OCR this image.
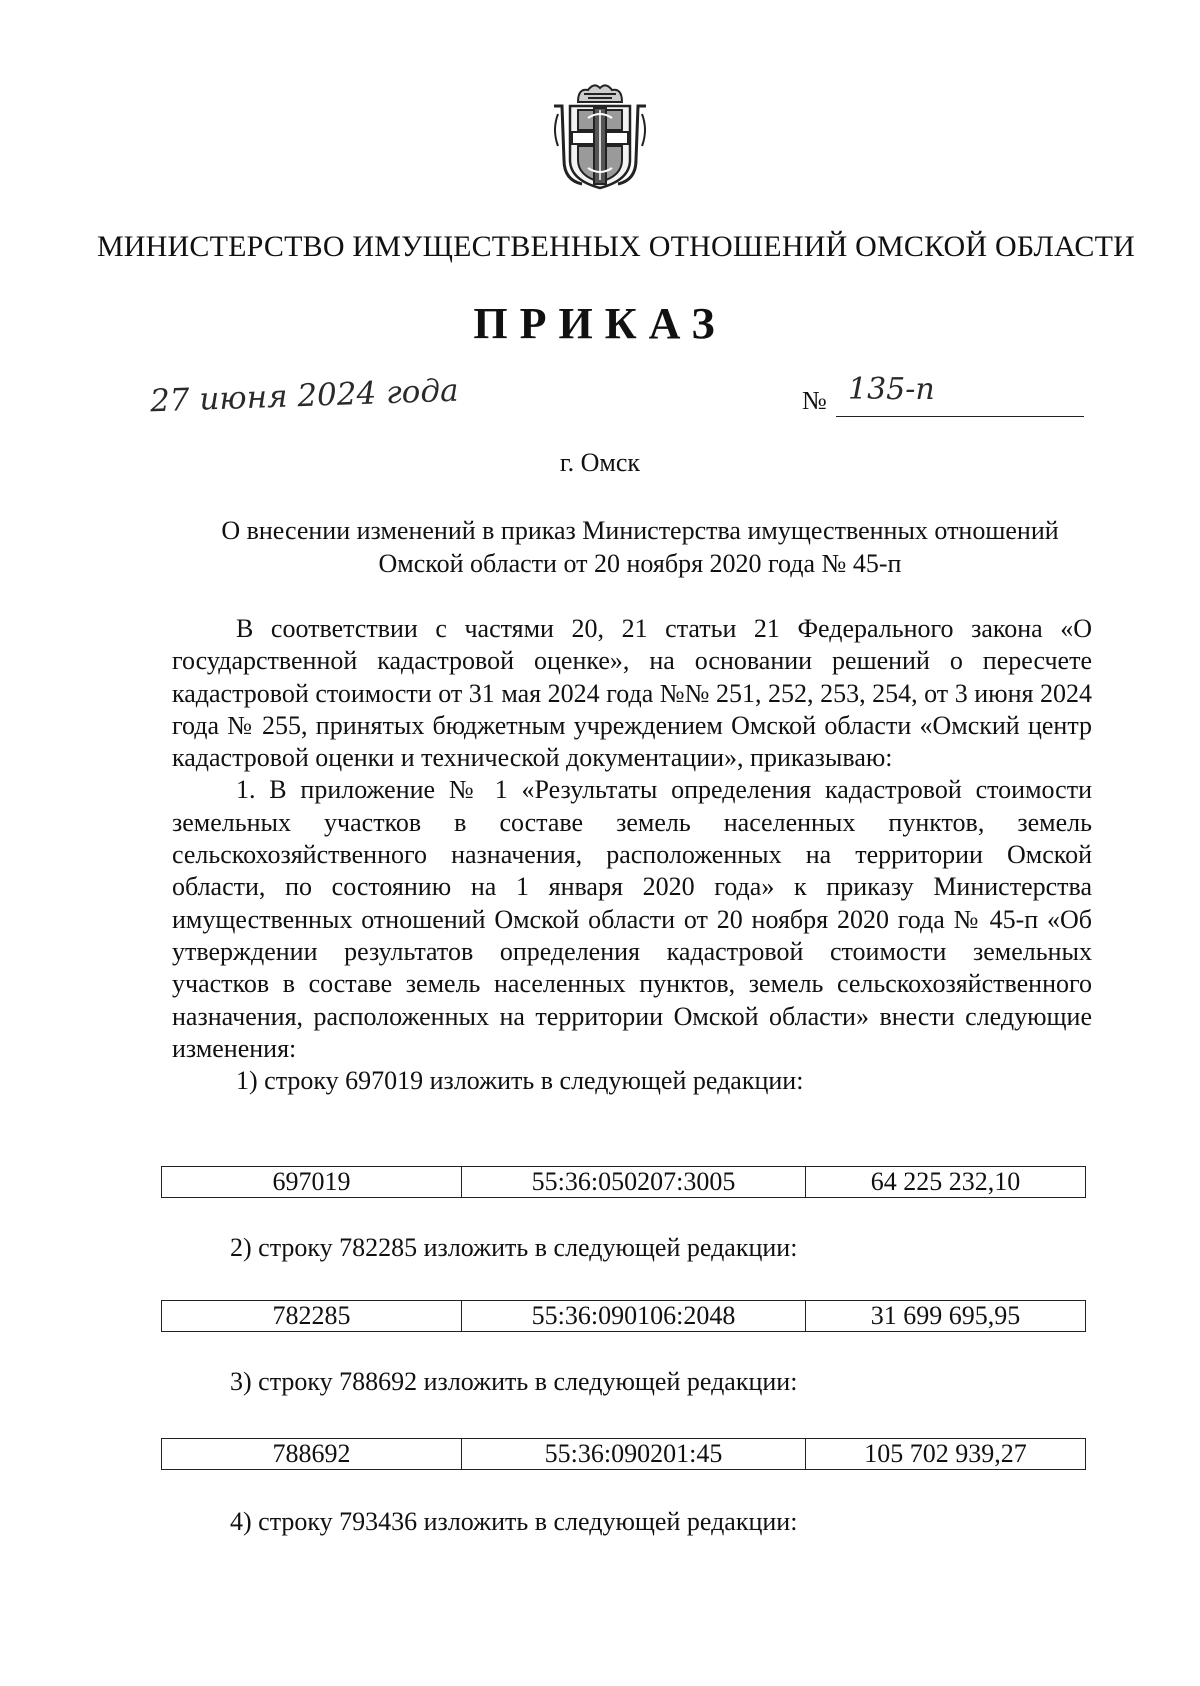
МИНИСТЕРСТВО ИМУЩЕСТВЕННЫХ ОТНОШЕНИЙ ОМСКОЙ ОБЛАСТИ
ПРИКАЗ
27 июня 2024 года	№ 135-п
г. Омск
О внесении изменений в приказ Министерства имущественных отношений
Омской области от 20 ноября 2020 года № 45-п

В соответствии с частями 20, 21 статьи 21 Федерального закона «О государственной кадастровой оценке», на основании решений о пересчете кадастровой стоимости от 31 мая 2024 года №№ 251, 252, 253, 254, от 3 июня 2024 года № 255, принятых бюджетным учреждением Омской области «Омский центр кадастровой оценки и технической документации», приказываю:

1. В приложение № 1 «Результаты определения кадастровой стоимости земельных участков в составе земель населенных пунктов, земель сельскохозяйственного назначения, расположенных на территории Омской области, по состоянию на 1 января 2020 года» к приказу Министерства имущественных отношений Омской области от 20 ноября 2020 года № 45-п «Об утверждении результатов определения кадастровой стоимости земельных участков в составе земель населенных пунктов, земель сельскохозяйственного назначения, расположенных на территории Омской области» внести следующие изменения:

1) строку 697019 изложить в следующей редакции:

697019	55:36:050207:3005	64 225 232,10
2) строку 782285 изложить в следующей редакции:
782285	55:36:090106:2048	31 699 695,95
3) строку 788692 изложить в следующей редакции:
788692	55:36:090201:45	105 702 939,27
4) строку 793436 изложить в следующей редакции:
